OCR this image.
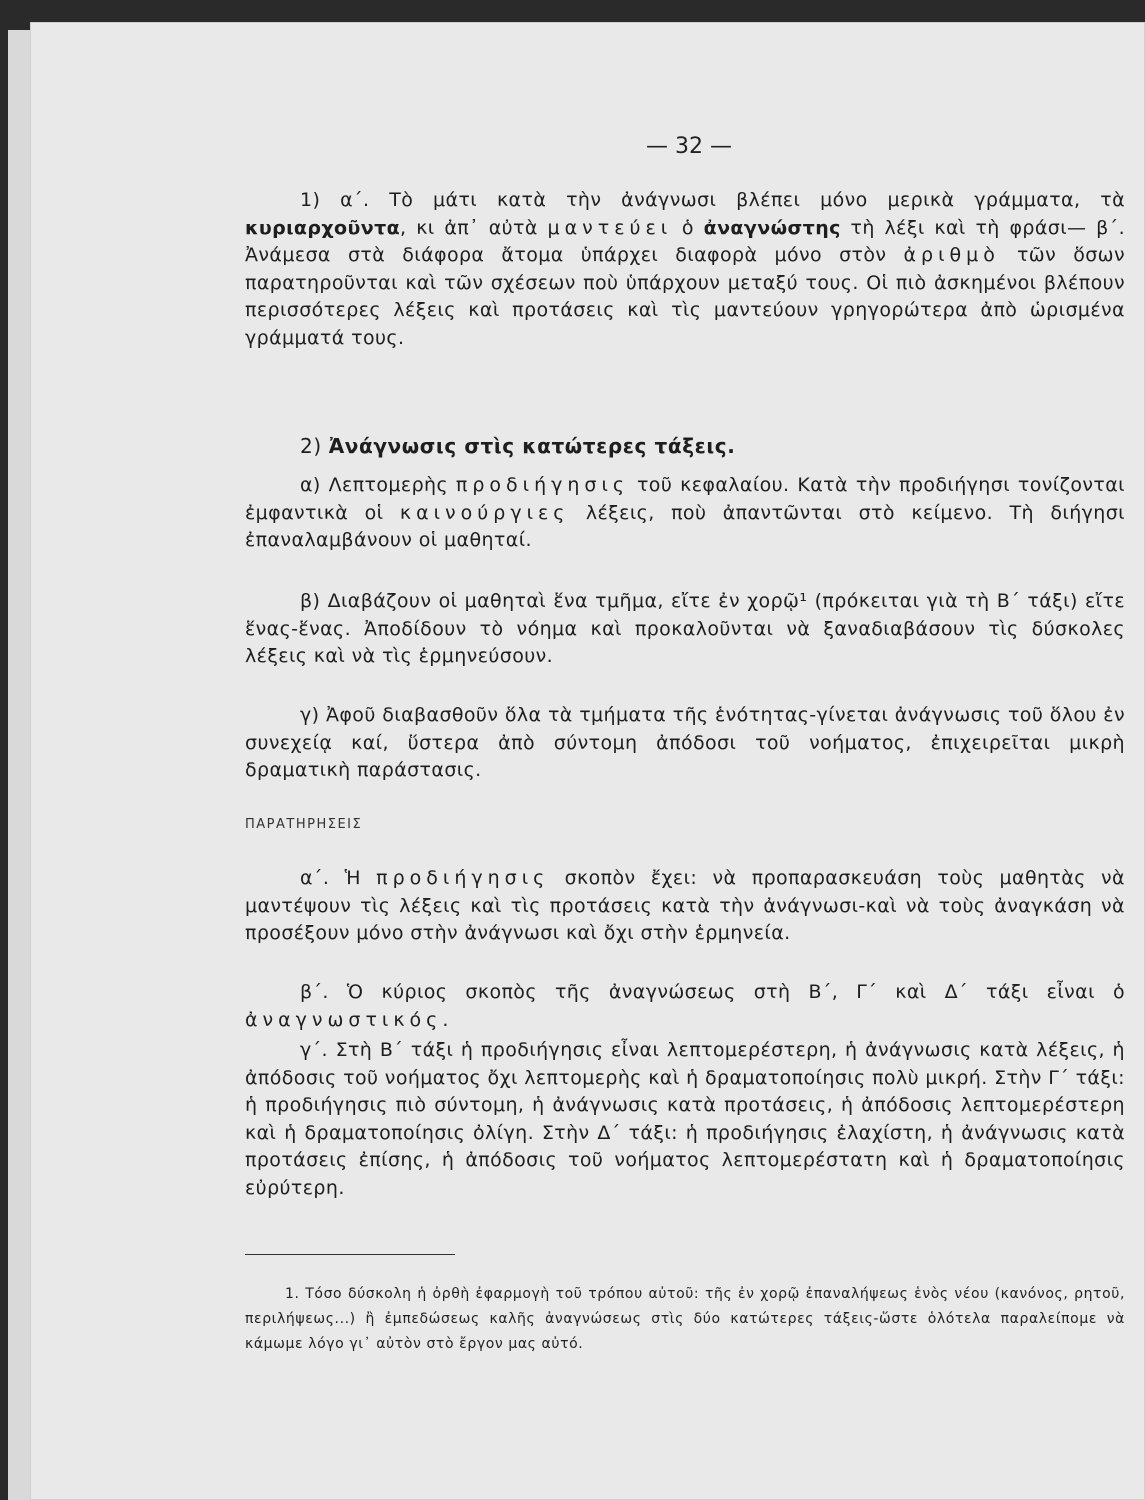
— 32 —
1) α΄. Τὸ μάτι κατὰ τὴν ἀνάγνωσι βλέπει μόνο μερικὰ γράμματα, τὰ κυριαρχοῦντα, κι ἀπ᾽ αὐτὰ μαντεύει ὁ ἀναγνώστης τὴ λέξι καὶ τὴ φράσι— β΄. Ἀνάμεσα στὰ διάφορα ἄτομα ὑπάρχει διαφορὰ μόνο στὸν ἀριθμὸ τῶν ὅσων παρατηροῦνται καὶ τῶν σχέσεων ποὺ ὑπάρχουν μεταξύ τους. Οἱ πιὸ ἀσκημένοι βλέπουν περισσότερες λέξεις καὶ προτάσεις καὶ τὶς μαντεύουν γρηγορώτερα ἀπὸ ὡρισμένα γράμματά τους.
2) Ἀνάγνωσις στὶς κατώτερες τάξεις.
α) Λεπτομερὴς προδιήγησις τοῦ κεφαλαίου. Κατὰ τὴν προδιήγησι τονίζονται ἐμφαντικὰ οἱ καινούργιες λέξεις, ποὺ ἀπαντῶνται στὸ κείμενο. Τὴ διήγησι ἐπαναλαμβάνουν οἱ μαθηταί.
β) Διαβάζουν οἱ μαθηταὶ ἕνα τμῆμα, εἴτε ἐν χορῷ¹ (πρόκειται γιὰ τὴ Β΄ τάξι) εἴτε ἕνας-ἕνας. Ἀποδίδουν τὸ νόημα καὶ προκαλοῦνται νὰ ξαναδιαβάσουν τὶς δύσκολες λέξεις καὶ νὰ τὶς ἑρμηνεύσουν.
γ) Ἀφοῦ διαβασθοῦν ὅλα τὰ τμήματα τῆς ἑνότητας-γίνεται ἀνάγνωσις τοῦ ὅλου ἐν συνεχείᾳ καί, ὕστερα ἀπὸ σύντομη ἀπόδοσι τοῦ νοήματος, ἐπιχειρεῖται μικρὴ δραματικὴ παράστασις.
ΠΑΡΑΤΗΡΗΣΕΙΣ
α΄. Ἡ προδιήγησις σκοπὸν ἔχει: νὰ προπαρασκευάση τοὺς μαθητὰς νὰ μαντέψουν τὶς λέξεις καὶ τὶς προτάσεις κατὰ τὴν ἀνάγνωσι-καὶ νὰ τοὺς ἀναγκάση νὰ προσέξουν μόνο στὴν ἀνάγνωσι καὶ ὄχι στὴν ἑρμηνεία.
β΄. Ὁ κύριος σκοπὸς τῆς ἀναγνώσεως στὴ Β΄, Γ΄ καὶ Δ΄ τάξι εἶναι ὁ ἀναγνωστικός.
γ΄. Στὴ Β΄ τάξι ἡ προδιήγησις εἶναι λεπτομερέστερη, ἡ ἀνάγνωσις κατὰ λέξεις, ἡ ἀπόδοσις τοῦ νοήματος ὄχι λεπτομερὴς καὶ ἡ δραματοποίησις πολὺ μικρή. Στὴν Γ΄ τάξι: ἡ προδιήγησις πιὸ σύντομη, ἡ ἀνάγνωσις κατὰ προτάσεις, ἡ ἀπόδοσις λεπτομερέστερη καὶ ἡ δραματοποίησις ὀλίγη. Στὴν Δ΄ τάξι: ἡ προδιήγησις ἐλαχίστη, ἡ ἀνάγνωσις κατὰ προτάσεις ἐπίσης, ἡ ἀπόδοσις τοῦ νοήματος λεπτομερέστατη καὶ ἡ δραματοποίησις εὐρύτερη.
1. Τόσο δύσκολη ἡ ὀρθὴ ἐφαρμογὴ τοῦ τρόπου αὐτοῦ: τῆς ἐν χορῷ ἐπαναλήψεως ἑνὸς νέου (κανόνος, ρητοῦ, περιλήψεως...) ἢ ἐμπεδώσεως καλῆς ἀναγνώσεως στὶς δύο κατώτερες τάξεις-ὥστε ὁλότελα παραλείπομε νὰ κάμωμε λόγο γι᾽ αὐτὸν στὸ ἔργον μας αὐτό.
